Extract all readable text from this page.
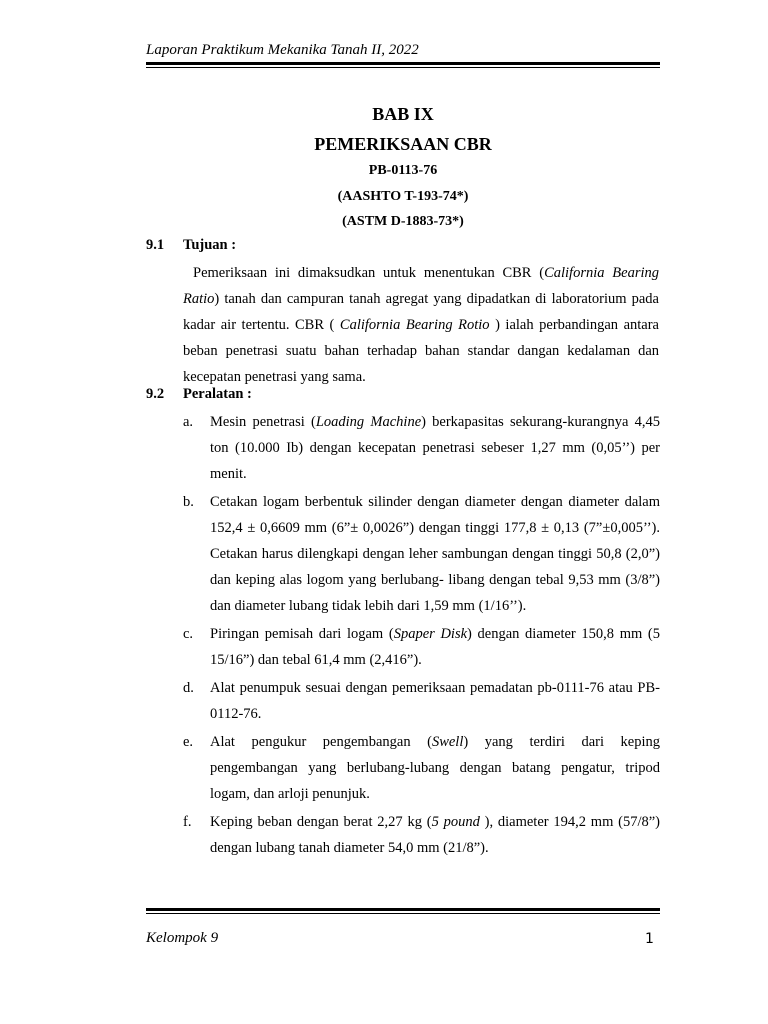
Laporan Praktikum Mekanika Tanah II, 2022
BAB IX
PEMERIKSAAN CBR
PB-0113-76
(AASHTO T-193-74*)
(ASTM D-1883-73*)
9.1 Tujuan :
Pemeriksaan ini dimaksudkan untuk menentukan CBR (California Bearing Ratio) tanah dan campuran tanah agregat yang dipadatkan di laboratorium pada kadar air tertentu. CBR ( California Bearing Rotio ) ialah perbandingan antara beban penetrasi suatu bahan terhadap bahan standar dangan kedalaman dan kecepatan penetrasi yang sama.
9.2 Peralatan :
a. Mesin penetrasi (Loading Machine) berkapasitas sekurang-kurangnya 4,45 ton (10.000 Ib) dengan kecepatan penetrasi sebeser 1,27 mm (0,05’’) per menit.
b. Cetakan logam berbentuk silinder dengan diameter dengan diameter dalam 152,4 ± 0,6609 mm (6”± 0,0026”) dengan tinggi 177,8 ± 0,13 (7”±0,005’’). Cetakan harus dilengkapi dengan leher sambungan dengan tinggi 50,8 (2,0”) dan keping alas logom yang berlubang- libang dengan tebal 9,53 mm (3/8”) dan diameter lubang tidak lebih dari 1,59 mm (1/16’’).
c. Piringan pemisah dari logam (Spaper Disk) dengan diameter 150,8 mm (5 15/16”) dan tebal 61,4 mm (2,416”).
d. Alat penumpuk sesuai dengan pemeriksaan pemadatan pb-0111-76 atau PB-0112-76.
e. Alat pengukur pengembangan (Swell) yang terdiri dari keping pengembangan yang berlubang-lubang dengan batang pengatur, tripod logam, dan arloji penunjuk.
f. Keping beban dengan berat 2,27 kg (5 pound ), diameter 194,2 mm (57/8”) dengan lubang tanah diameter 54,0 mm (21/8”).
Kelompok 9	1
